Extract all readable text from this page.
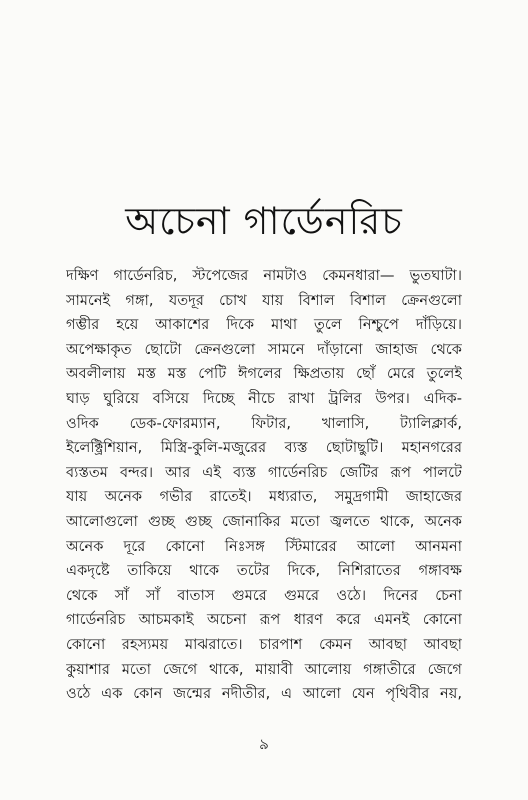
অচেনা গার্ডেনরিচ
দক্ষিণ গার্ডেনরিচ, স্টপেজের নামটাও কেমনধারা— ভুতঘাটা।
সামনেই গঙ্গা, যতদূর চোখ যায় বিশাল বিশাল ক্রেনগুলো
গম্ভীর হয়ে আকাশের দিকে মাথা তুলে নিশ্চুপে দাঁড়িয়ে।
অপেক্ষাকৃত ছোটো ক্রেনগুলো সামনে দাঁড়ানো জাহাজ থেকে
অবলীলায় মস্ত মস্ত পেটি ঈগলের ক্ষিপ্রতায় ছোঁ মেরে তুলেই
ঘাড় ঘুরিয়ে বসিয়ে দিচ্ছে নীচে রাখা ট্রলির উপর। এদিক-
ওদিক ডেক-ফোরম্যান, ফিটার, খালাসি, ট্যালিক্লার্ক,
ইলেক্ট্রিশিয়ান, মিস্ত্রি-কুলি-মজুরের ব্যস্ত ছোটাছুটি। মহানগরের
ব্যস্ততম বন্দর। আর এই ব্যস্ত গার্ডেনরিচ জেটির রূপ পালটে
যায় অনেক গভীর রাতেই। মধ্যরাত, সমুদ্রগামী জাহাজের
আলোগুলো গুচ্ছ গুচ্ছ জোনাকির মতো জ্বলতে থাকে, অনেক
অনেক দূরে কোনো নিঃসঙ্গ স্টিমারের আলো আনমনা
একদৃষ্টে তাকিয়ে থাকে তটের দিকে, নিশিরাতের গঙ্গাবক্ষ
থেকে সাঁ সাঁ বাতাস গুমরে গুমরে ওঠে। দিনের চেনা
গার্ডেনরিচ আচমকাই অচেনা রূপ ধারণ করে এমনই কোনো
কোনো রহস্যময় মাঝরাতে। চারপাশ কেমন আবছা আবছা
কুয়াশার মতো জেগে থাকে, মায়াবী আলোয় গঙ্গাতীরে জেগে
ওঠে এক কোন জন্মের নদীতীর, এ আলো যেন পৃথিবীর নয়,
৯
